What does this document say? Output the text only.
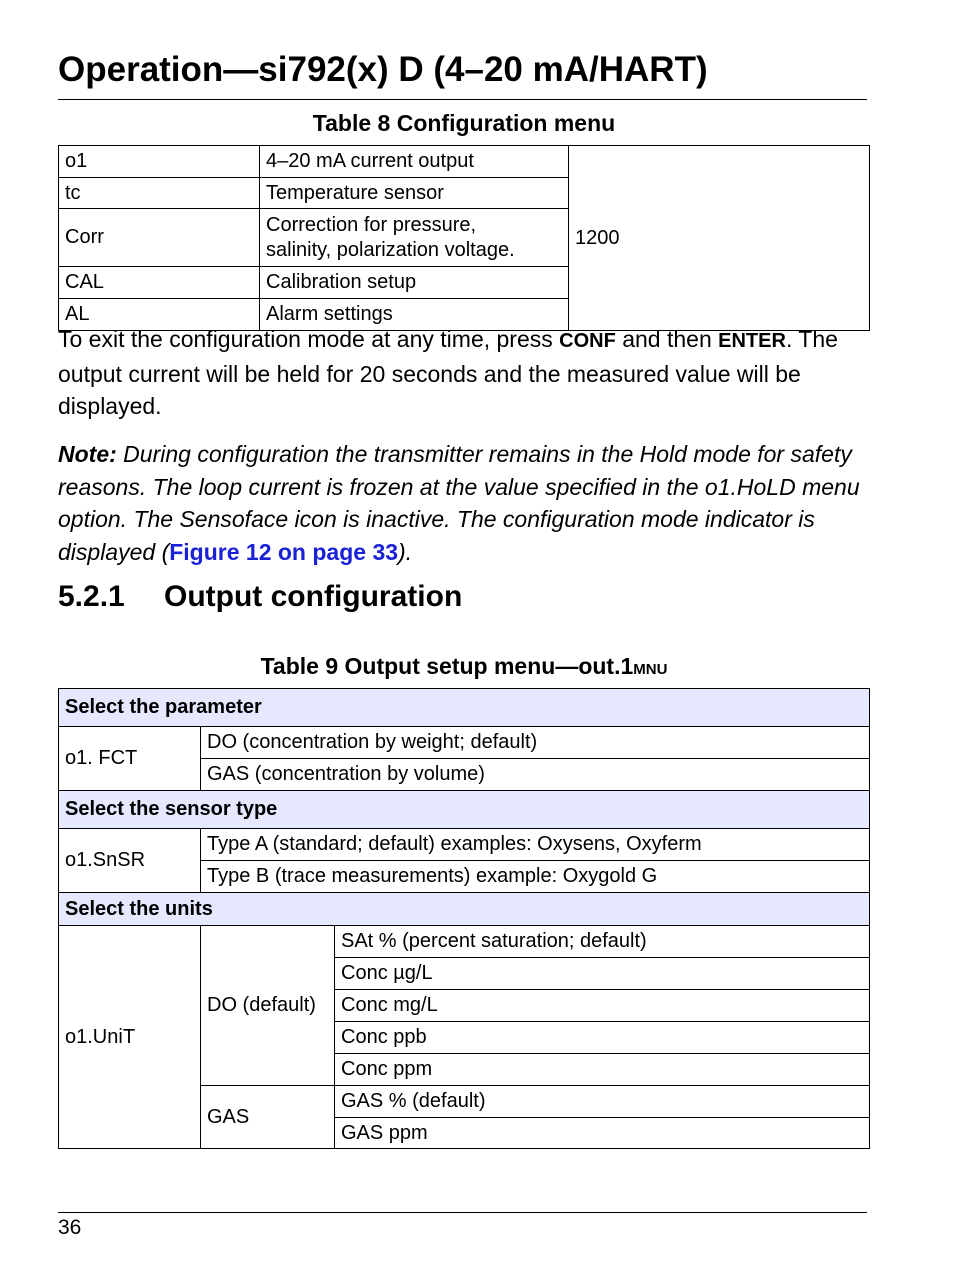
Operation—si792(x) D (4–20 mA/HART)
Table 8 Configuration menu
o1	4–20 mA current output	1200
tc	Temperature sensor	
Corr	Correction for pressure,
salinity, polarization voltage.	
CAL	Calibration setup	
AL	Alarm settings	

To exit the configuration mode at any time, press CONF and then ENTER. The output current will be held for 20 seconds and the measured value will be displayed.

Note: During configuration the transmitter remains in the Hold mode for safety reasons. The loop current is frozen at the value specified in the o1.HoLD menu option. The Sensoface icon is inactive. The configuration mode indicator is displayed (Figure 12 on page 33).

5.2.1 Output configuration
Table 9 Output setup menu—out.1MNU
Select the parameter		
o1. FCT	DO (concentration by weight; default)	
	GAS (concentration by volume)	
Select the sensor type		
o1.SnSR	Type A (standard; default) examples: Oxysens, Oxyferm	
	Type B (trace measurements) example: Oxygold G	
Select the units		
o1.UniT	DO (default)	SAt % (percent saturation; default)
		Conc µg/L
		Conc mg/L
		Conc ppb
		Conc ppm
	GAS	GAS % (default)
		GAS ppm
36
